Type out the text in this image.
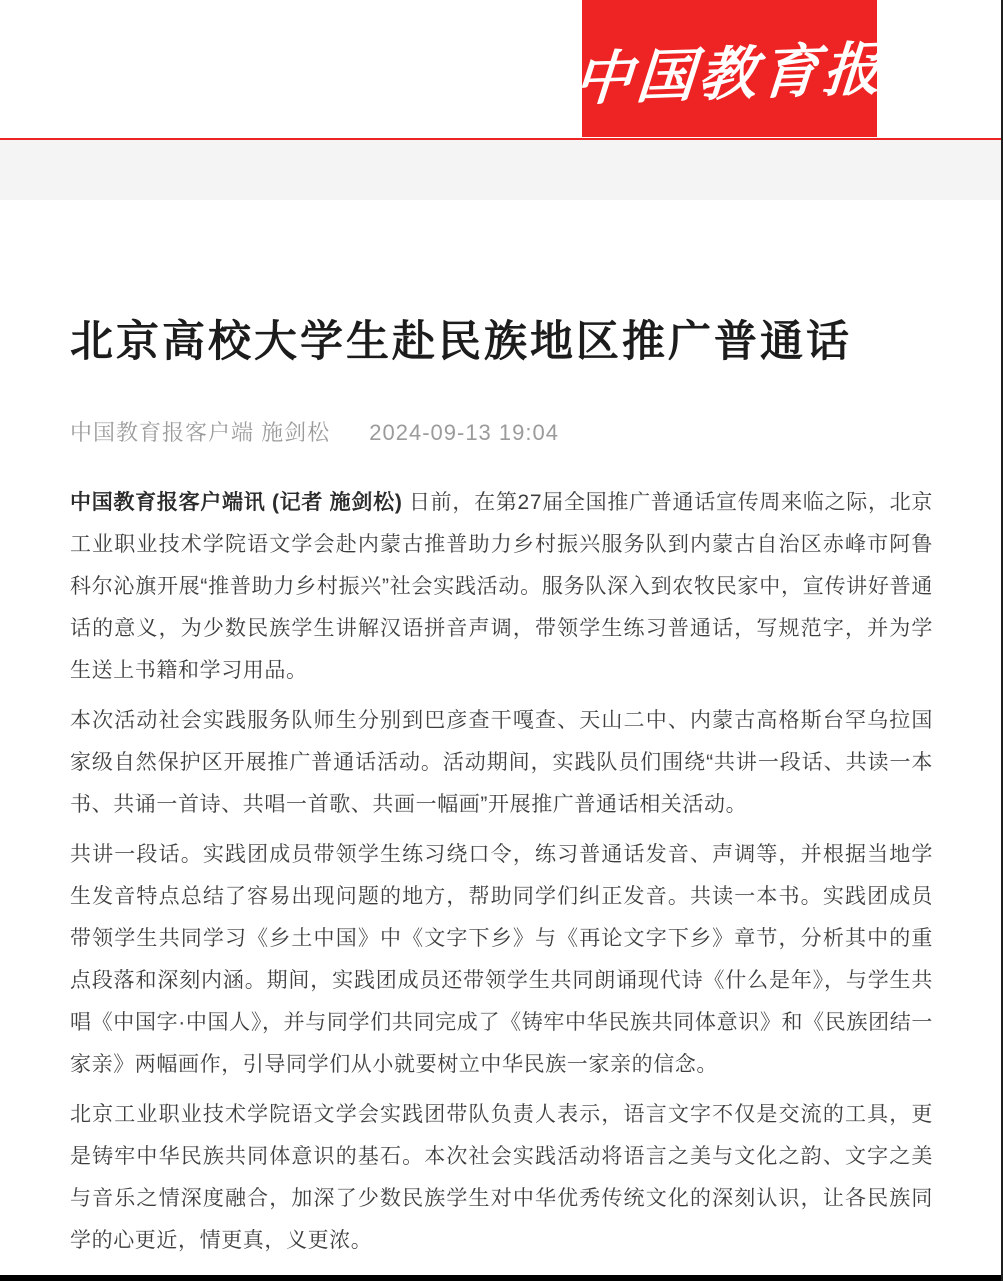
中国教育报
北京高校大学生赴民族地区推广普通话
中国教育报客户端 施剑松 2024-09-13 19:04

中国教育报客户端讯 (记者 施剑松) 日前，在第27届全国推广普通话宣传周来临之际，北京工业职业技术学院语文学会赴内蒙古推普助力乡村振兴服务队到内蒙古自治区赤峰市阿鲁科尔沁旗开展“推普助力乡村振兴”社会实践活动。服务队深入到农牧民家中，宣传讲好普通话的意义，为少数民族学生讲解汉语拼音声调，带领学生练习普通话，写规范字，并为学生送上书籍和学习用品。

本次活动社会实践服务队师生分别到巴彦查干嘎查、天山二中、内蒙古高格斯台罕乌拉国家级自然保护区开展推广普通话活动。活动期间，实践队员们围绕“共讲一段话、共读一本书、共诵一首诗、共唱一首歌、共画一幅画”开展推广普通话相关活动。

共讲一段话。实践团成员带领学生练习绕口令，练习普通话发音、声调等，并根据当地学生发音特点总结了容易出现问题的地方，帮助同学们纠正发音。共读一本书。实践团成员带领学生共同学习《乡土中国》中《文字下乡》与《再论文字下乡》章节，分析其中的重点段落和深刻内涵。期间，实践团成员还带领学生共同朗诵现代诗《什么是年》，与学生共唱《中国字·中国人》，并与同学们共同完成了《铸牢中华民族共同体意识》和《民族团结一家亲》两幅画作，引导同学们从小就要树立中华民族一家亲的信念。

北京工业职业技术学院语文学会实践团带队负责人表示，语言文字不仅是交流的工具，更是铸牢中华民族共同体意识的基石。本次社会实践活动将语言之美与文化之韵、文字之美与音乐之情深度融合，加深了少数民族学生对中华优秀传统文化的深刻认识，让各民族同学的心更近，情更真，义更浓。
